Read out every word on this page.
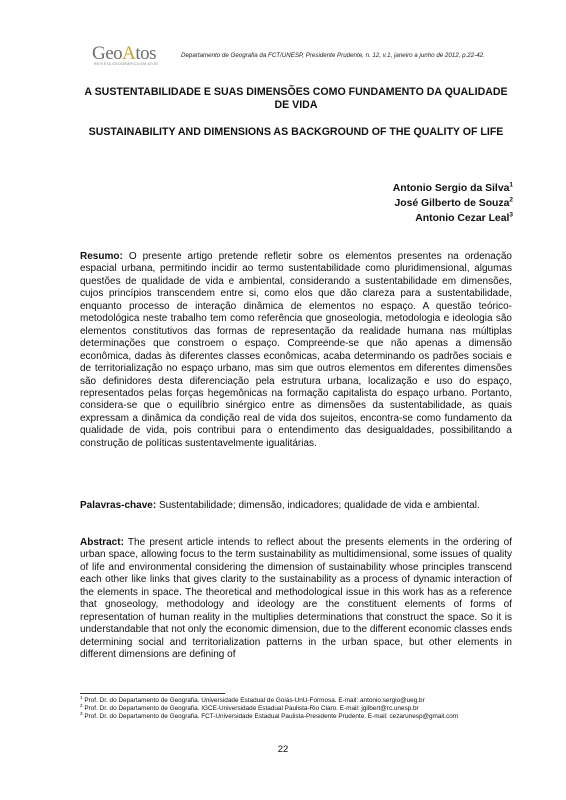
GeoAtos
REVISTA GEOGRÁFICA EM ATOS
Departamento de Geografia da FCT/UNESP, Presidente Prudente, n. 12, v.1, janeiro a junho de 2012, p.22-42.
A SUSTENTABILIDADE E SUAS DIMENSÕES COMO FUNDAMENTO DA QUALIDADE DE VIDA
SUSTAINABILITY AND DIMENSIONS AS BACKGROUND OF THE QUALITY OF LIFE
Antonio Sergio da Silva$^1$
José Gilberto de Souza$^2$
Antonio Cezar Leal$^3$
Resumo: O presente artigo pretende refletir sobre os elementos presentes na ordenação espacial urbana, permitindo incidir ao termo sustentabilidade como pluridimensional, algumas questões de qualidade de vida e ambiental, considerando a sustentabilidade em dimensões, cujos princípios transcendem entre si, como elos que dão clareza para a sustentabilidade, enquanto processo de interação dinâmica de elementos no espaço. A questão teórico-metodológica neste trabalho tem como referência que gnoseologia, metodologia e ideologia são elementos constitutivos das formas de representação da realidade humana nas múltiplas determinações que constroem o espaço. Compreende-se que não apenas a dimensão econômica, dadas às diferentes classes econômicas, acaba determinando os padrões sociais e de territorialização no espaço urbano, mas sim que outros elementos em diferentes dimensões são definidores desta diferenciação pela estrutura urbana, localização e uso do espaço, representados pelas forças hegemônicas na formação capitalista do espaço urbano. Portanto, considera-se que o equilíbrio sinérgico entre as dimensões da sustentabilidade, as quais expressam a dinâmica da condição real de vida dos sujeitos, encontra-se como fundamento da qualidade de vida, pois contribui para o entendimento das desigualdades, possibilitando a construção de políticas sustentavelmente igualitárias.
Palavras-chave: Sustentabilidade; dimensão, indicadores; qualidade de vida e ambiental.
Abstract: The present article intends to reflect about the presents elements in the ordering of urban space, allowing focus to the term sustainability as multidimensional, some issues of quality of life and environmental considering the dimension of sustainability whose principles transcend each other like links that gives clarity to the sustainability as a process of dynamic interaction of the elements in space. The theoretical and methodological issue in this work has as a reference that gnoseology, methodology and ideology are the constituent elements of forms of representation of human reality in the multiplies determinations that construct the space. So it is understandable that not only the economic dimension, due to the different economic classes ends determining social and territorialization patterns in the urban space, but other elements in different dimensions are defining of

$^1$ Prof. Dr. do Departamento de Geografia. Universidade Estadual de Goiás-UnU-Formosa. E-mail: antonio.sergio@ueg.br

$^2$ Prof. Dr. do Departamento de Geografia. IGCE-Universidade Estadual Paulista-Rio Claro. E-mail: jgilbert@rc.unesp.br

$^3$ Prof. Dr. do Departamento de Geografia. FCT-Universidade Estadual Paulista-Presidente Prudente. E-mail: cezarunesp@gmail.com

22
